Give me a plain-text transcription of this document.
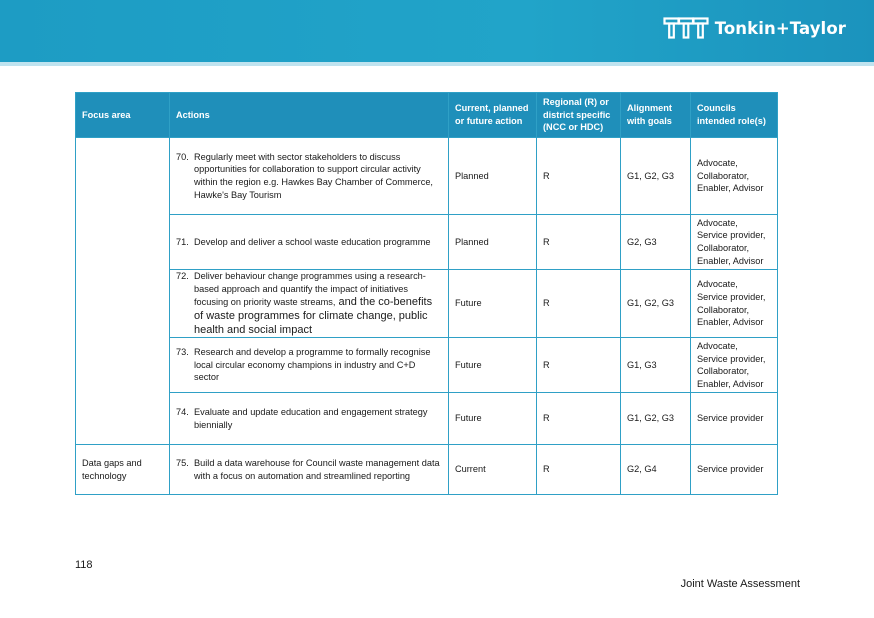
Tonkin+Taylor
Focus area	Actions	Current, planned or future action	Regional (R) or district specific (NCC or HDC)	Alignment with goals	Councils intended role(s)

	70. Regularly meet with sector stakeholders to discuss opportunities for collaboration to support circular activity within the region e.g. Hawkes Bay Chamber of Commerce, Hawke's Bay Tourism	Planned	R	G1, G2, G3	Advocate, Collaborator, Enabler, Advisor

	71. Develop and deliver a school waste education programme	Planned	R	G2, G3	Advocate, Service provider, Collaborator, Enabler, Advisor

	72. Deliver behaviour change programmes using a research-based approach and quantify the impact of initiatives focusing on priority waste streams, and the co-benefits of waste programmes for climate change, public health and social impact	Future	R	G1, G2, G3	Advocate, Service provider, Collaborator, Enabler, Advisor

	73. Research and develop a programme to formally recognise local circular economy champions in industry and C+D sector	Future	R	G1, G3	Advocate, Service provider, Collaborator, Enabler, Advisor

	74. Evaluate and update education and engagement strategy biennially	Future	R	G1, G2, G3	Service provider
Data gaps and technology	75. Build a data warehouse for Council waste management data with a focus on automation and streamlined reporting	Current	R	G2, G4	Service provider
118
Joint Waste Assessment
